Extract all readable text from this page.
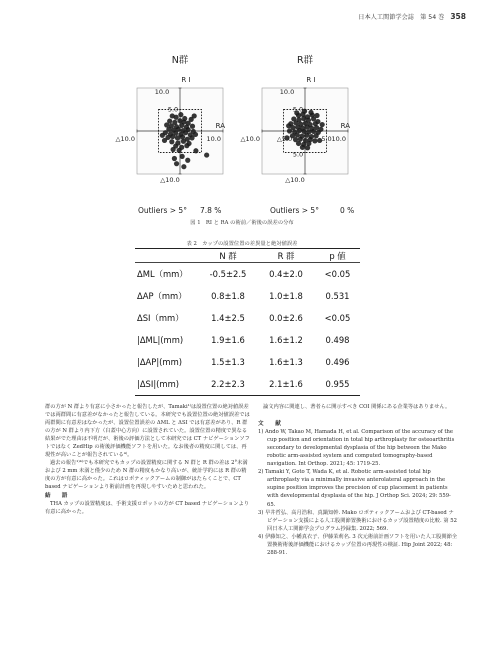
日本人工関節学会誌　第 54 巻 358
N群
R I
RA
10.0
5.0
△10.0	10.0
△10.0
R群
R I
RA
10.0
5.0
△10.0	10.0
△10.0
5.0
△5.0	5.0
Outliers > 5° 7.8 %	Outliers > 5°	0 %
図 1　RI と RA の術前／術後の誤差の分布
表 2　カップの設置位置の差異量と絶対値誤差
	N 群	R 群	p 値
ΔML（mm）	-0.5±2.5	0.4±2.0	<0.05
ΔAP（mm）	0.8±1.8	1.0±1.8	0.531
ΔSI（mm）	1.4±2.5	0.0±2.6	<0.05
|ΔML|(mm)	1.9±1.6	1.6±1.2	0.498
|ΔAP|(mm)	1.5±1.3	1.6±1.3	0.496
|ΔSI|(mm)	2.2±2.3	2.1±1.6	0.955

群の方が N 群より有意に小さかったと報告したが、Tamaki¹⁾は設置位置の絶対値誤差では両群間に有意差がなかったと報告している。本研究でも設置位置の絶対値誤差では両群間に有意差はなかったが、設置位置誤差の ΔML と ΔSI では有意差があり、R 群の方が N 群より内下方（臼蓋中心方向）に設置されていた。設置位置の精度で異なる結果がでた理由は不明だが、術後の評価方法として本研究では CT ナビゲーションソフトではなく ZedHip の術後評価機能ソフトを用いた。なお後者の精度に関しては、再現性が高いことが報告されている⁴⁾。

過去の報告¹⁾⁴⁾でも本研究でもカップの設置精度に関する N 群と R 群の差は 2°未満および 2 mm 未満と僅少のため N 群の精度もかなり高いが、統計学的には R 群の精度の方が有意に高かった。これはロボティックアームの制御がはたらくことで、CT based ナビゲーションより術前計画を再現しやすいためと思われた。

結　　語

THA カップの設置精度は、手術支援ロボットの方が CT based ナビゲーションより有意に高かった。

論文内容に関連し、著者らに開示すべき COI 関係にある企業等はありません。

文　献

1) Ando W, Takao M, Hamada H, et al. Comparison of the accuracy of the cup position and orientation in total hip arthroplasty for osteoarthritis secondary to developmental dysplasia of the hip between the Mako robotic arm-assisted system and computed tomography-based navigation. Int Orthop. 2021; 45: 1719-25.

2) Tamaki Y, Goto T, Wada K, et al. Robotic arm-assisted total hip arthroplasty via a minimally invasive anterolateral approach in the supine position improves the precision of cup placement in patients with developmental dysplasia of the hip. J Orthop Sci. 2024; 29: 559-65.

3) 早井哲弘、高月浩和、真鍋知幹. Mako ロボティックアームおよび CT-based ナビゲーション支援による人工股関節置換術におけるカップ設置精度の比較. 第 52 回日本人工関節学会プログラム抄録集. 2022; 569.

4) 伊藤知之、小幡真衣子、伊藤茉莉名. 3 次元術前計画ソフトを用いた人工股関節全置換術術後評価機能におけるカップ位置の再現性の検証. Hip Joint 2022; 48: 288-91.
